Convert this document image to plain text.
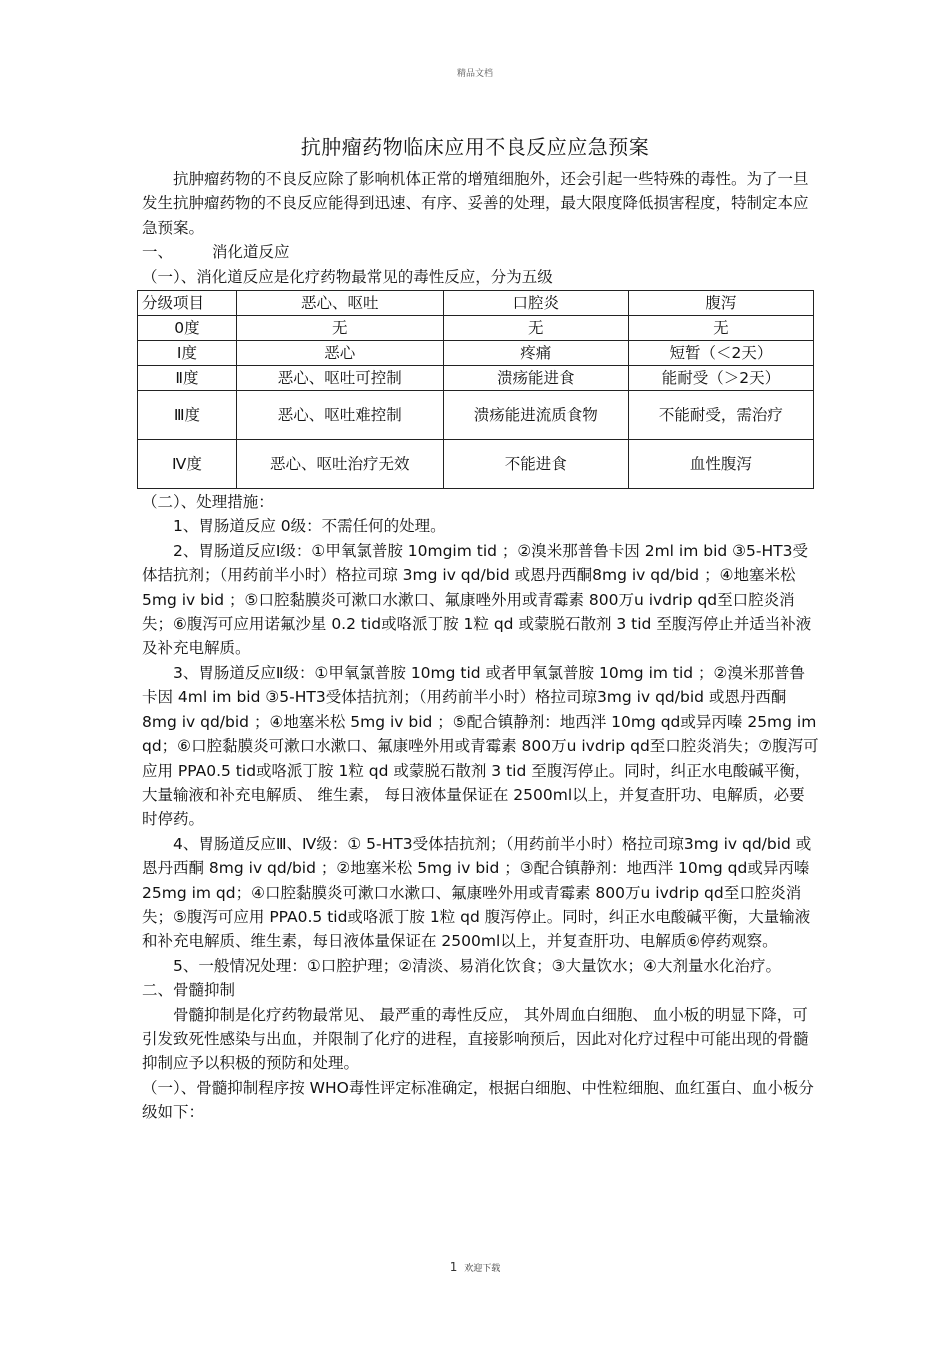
精品文档
抗肿瘤药物临床应用不良反应应急预案

抗肿瘤药物的不良反应除了影响机体正常的增殖细胞外，还会引起一些特殊的毒性。为了一旦发生抗肿瘤药物的不良反应能得到迅速、有序、妥善的处理，最大限度降低损害程度，特制定本应急预案。

一、	消化道反应

（一）、消化道反应是化疗药物最常见的毒性反应，分为五级

分级项目	恶心、呕吐	口腔炎	腹泻
0度	无	无	无
Ⅰ度	恶心	疼痛	短暂（＜2天）
Ⅱ度	恶心、呕吐可控制	溃疡能进食	能耐受（＞2天）
Ⅲ度	恶心、呕吐难控制	溃疡能进流质食物	不能耐受，需治疗
Ⅳ度	恶心、呕吐治疗无效	不能进食	血性腹泻

（二）、处理措施：

1、胃肠道反应 0级：不需任何的处理。

2、胃肠道反应Ⅰ级：①甲氧氯普胺 10mgim tid ；②溴米那普鲁卡因 2ml im bid ③5-HT3受体拮抗剂；（用药前半小时）格拉司琼 3mg iv qd/bid 或恩丹西酮8mg iv qd/bid ；④地塞米松 5mg iv bid ；⑤口腔黏膜炎可漱口水漱口、氟康唑外用或青霉素 800万u ivdrip qd至口腔炎消失；⑥腹泻可应用诺氟沙星 0.2 tid或咯派丁胺 1粒 qd 或蒙脱石散剂 3 tid 至腹泻停止并适当补液及补充电解质。

3、胃肠道反应Ⅱ级：①甲氧氯普胺 10mg tid 或者甲氧氯普胺 10mg im tid ；②溴米那普鲁卡因 4ml im bid ③5-HT3受体拮抗剂；（用药前半小时）格拉司琼3mg iv qd/bid 或恩丹西酮 8mg iv qd/bid ；④地塞米松 5mg iv bid ；⑤配合镇静剂：地西泮 10mg qd或异丙嗪 25mg im qd；⑥口腔黏膜炎可漱口水漱口、氟康唑外用或青霉素 800万u ivdrip qd至口腔炎消失；⑦腹泻可应用 PPA0.5 tid或咯派丁胺 1粒 qd 或蒙脱石散剂 3 tid 至腹泻停止。同时，纠正水电酸碱平衡，大量输液和补充电解质、 维生素， 每日液体量保证在 2500ml以上，并复查肝功、电解质，必要时停药。

4、胃肠道反应Ⅲ、Ⅳ级：① 5-HT3受体拮抗剂；（用药前半小时）格拉司琼3mg iv qd/bid 或恩丹西酮 8mg iv qd/bid ；②地塞米松 5mg iv bid ；③配合镇静剂：地西泮 10mg qd或异丙嗪 25mg im qd；④口腔黏膜炎可漱口水漱口、氟康唑外用或青霉素 800万u ivdrip qd至口腔炎消失；⑤腹泻可应用 PPA0.5 tid或咯派丁胺 1粒 qd 腹泻停止。同时，纠正水电酸碱平衡，大量输液和补充电解质、维生素，每日液体量保证在 2500ml以上，并复查肝功、电解质⑥停药观察。

5、一般情况处理：①口腔护理；②清淡、易消化饮食；③大量饮水；④大剂量水化治疗。

二、骨髓抑制

骨髓抑制是化疗药物最常见、 最严重的毒性反应， 其外周血白细胞、 血小板的明显下降，可引发致死性感染与出血，并限制了化疗的进程，直接影响预后，因此对化疗过程中可能出现的骨髓抑制应予以积极的预防和处理。

（一）、骨髓抑制程序按 WHO毒性评定标准确定，根据白细胞、中性粒细胞、血红蛋白、血小板分级如下：

1 欢迎下载
